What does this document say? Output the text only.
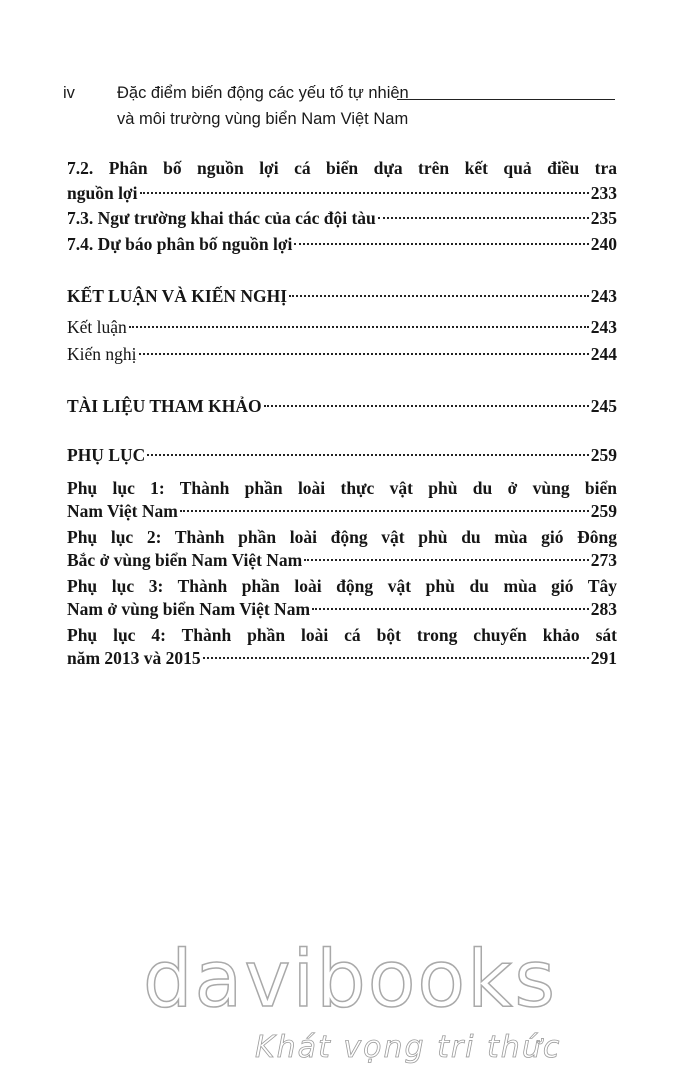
iv	Đặc điểm biến động các yếu tố tự nhiên
và môi trường vùng biển Nam Việt Nam
7.2. Phân bố nguồn lợi cá biển dựa trên kết quả điều tra
nguồn lợi	233
7.3. Ngư trường khai thác của các đội tàu	235
7.4. Dự báo phân bố nguồn lợi	240
KẾT LUẬN VÀ KIẾN NGHỊ	243
Kết luận	243
Kiến nghị	244
TÀI LIỆU THAM KHẢO	245
PHỤ LỤC	259
Phụ lục 1: Thành phần loài thực vật phù du ở vùng biển
Nam Việt Nam	259
Phụ lục 2: Thành phần loài động vật phù du mùa gió Đông
Bắc ở vùng biển Nam Việt Nam	273
Phụ lục 3: Thành phần loài động vật phù du mùa gió Tây
Nam ở vùng biển Nam Việt Nam	283
Phụ lục 4: Thành phần loài cá bột trong chuyến khảo sát
năm 2013 và 2015	291
davibooks
Khát vọng tri thức
